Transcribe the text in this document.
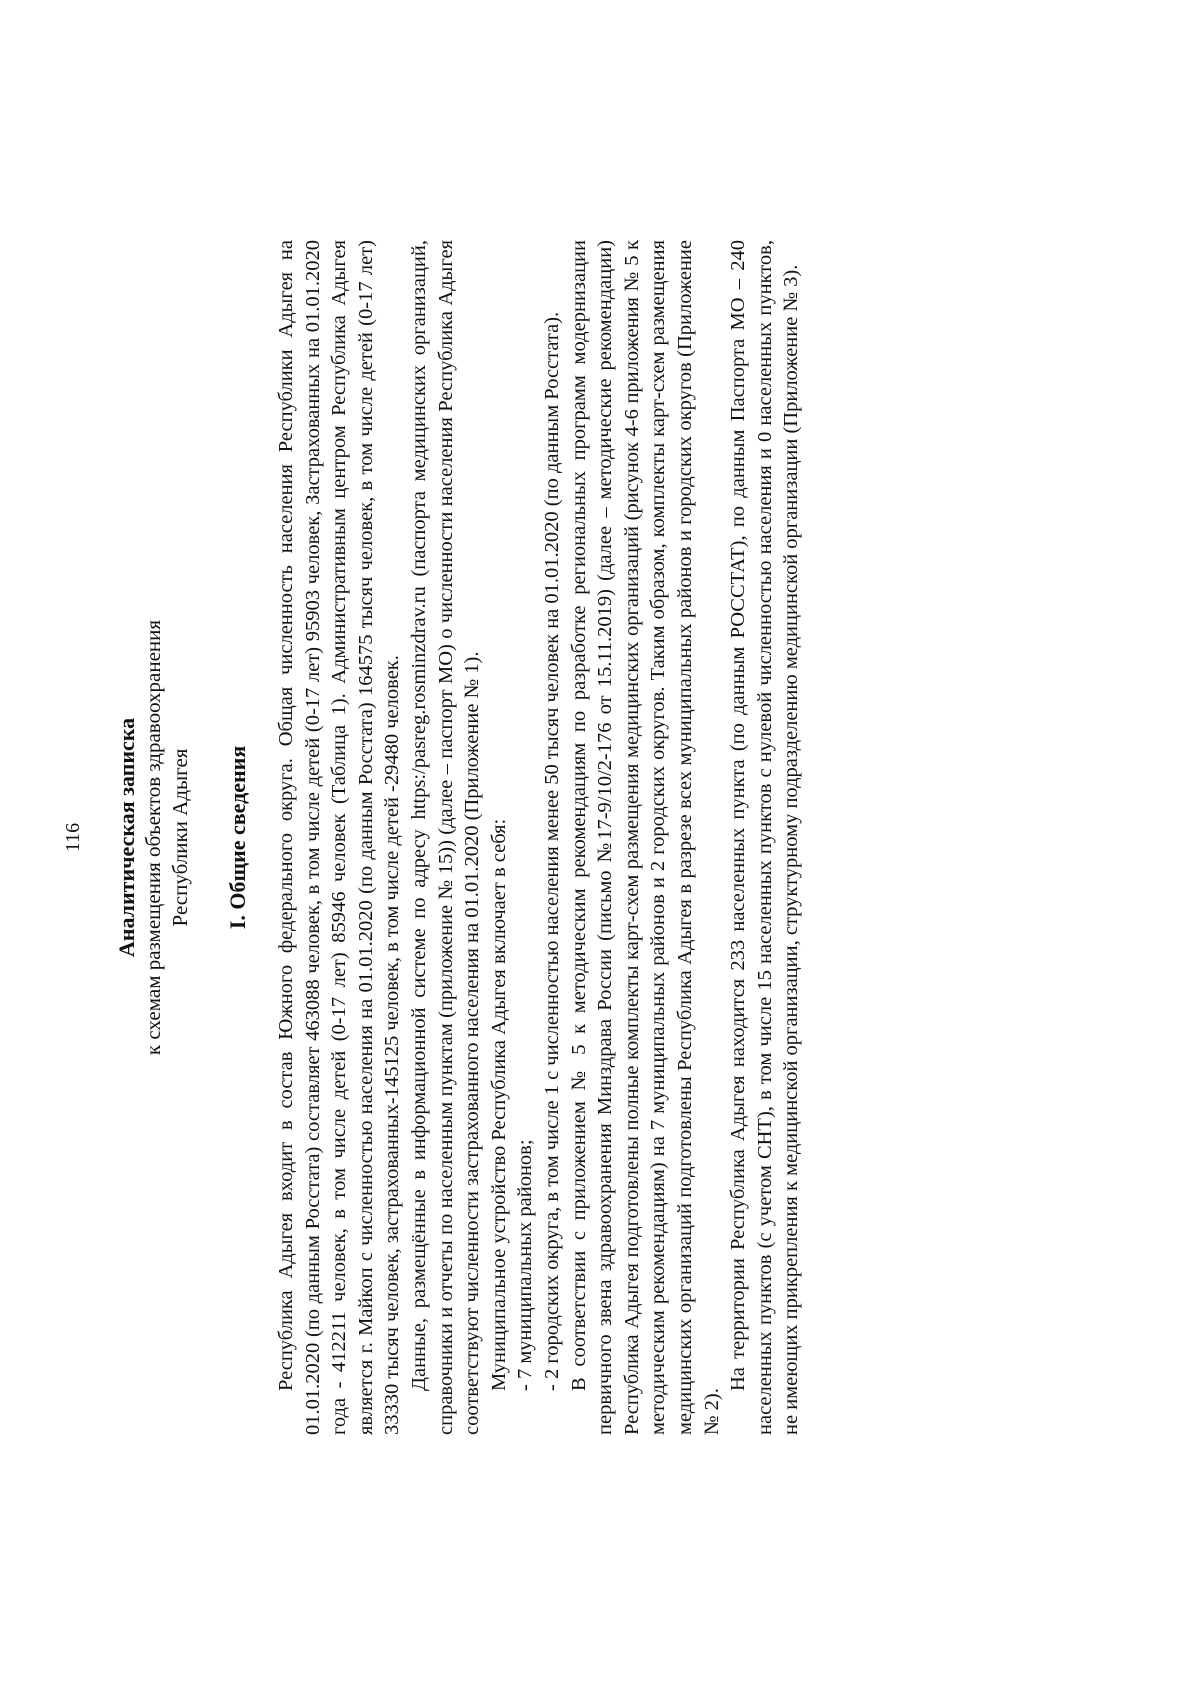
116 Аналитическая записка к схемам размещения объектов здравоохранения Республики Адыгея I. Общие сведения Республика Адыгея входит в состав Южного федерального округа. Общая численность населения Республики Адыгея на 01.01.2020 (по данным Росстата) составляет 463088 человек, в том числе детей (0-17 лет) 95903 человек, Застрахованных на 01.01.2020 года - 412211 человек, в том числе детей (0-17 лет) 85946 человек (Таблица 1). Административным центром Республика Адыгея является г. Майкоп с численностью населения на 01.01.2020 (по данным Росстата) 164575 тысяч человек, в том числе детей (0-17 лет) 33330 тысяч человек, застрахованных-145125 человек, в том числе детей -29480 человек. Данные, размещённые в информационной системе по адресу https:/pasreg.rosminzdrav.ru (паспорта медицинских организаций, справочники и отчеты по населенным пунктам (приложение № 15)) (далее – паспорт МО) о численности населения Республика Адыгея соответствуют численности застрахованного населения на 01.01.2020 (Приложение № 1). Муниципальное устройство Республика Адыгея включает в себя: - 7 муниципальных районов; - 2 городских округа, в том числе 1 с численностью населения менее 50 тысяч человек на 01.01.2020 (по данным Росстата). В соответствии с приложением № 5 к методическим рекомендациям по разработке региональных программ модернизации первичного звена здравоохранения Минздрава России (письмо №17-9/10/2-176 от 15.11.2019) (далее – методические рекомендации) Республика Адыгея подготовлены полные комплекты карт-схем размещения медицинских организаций (рисунок 4-6 приложения № 5 к методическим рекомендациям) на 7 муниципальных районов и 2 городских округов. Таким образом, комплекты карт-схем размещения медицинских организаций подготовлены Республика Адыгея в разрезе всех муниципальных районов и городских округов (Приложение № 2).

На территории Республика Адыгея находится 233 населенных пункта (по данным РОССТАТ), по данным Паспорта МО – 240 населенных пунктов (с учетом СНТ), в том числе 15 населенных пунктов с нулевой численностью населения и 0 населенных пунктов, не имеющих прикрепления к медицинской организации, структурному подразделению медицинской организации (Приложение № 3).
